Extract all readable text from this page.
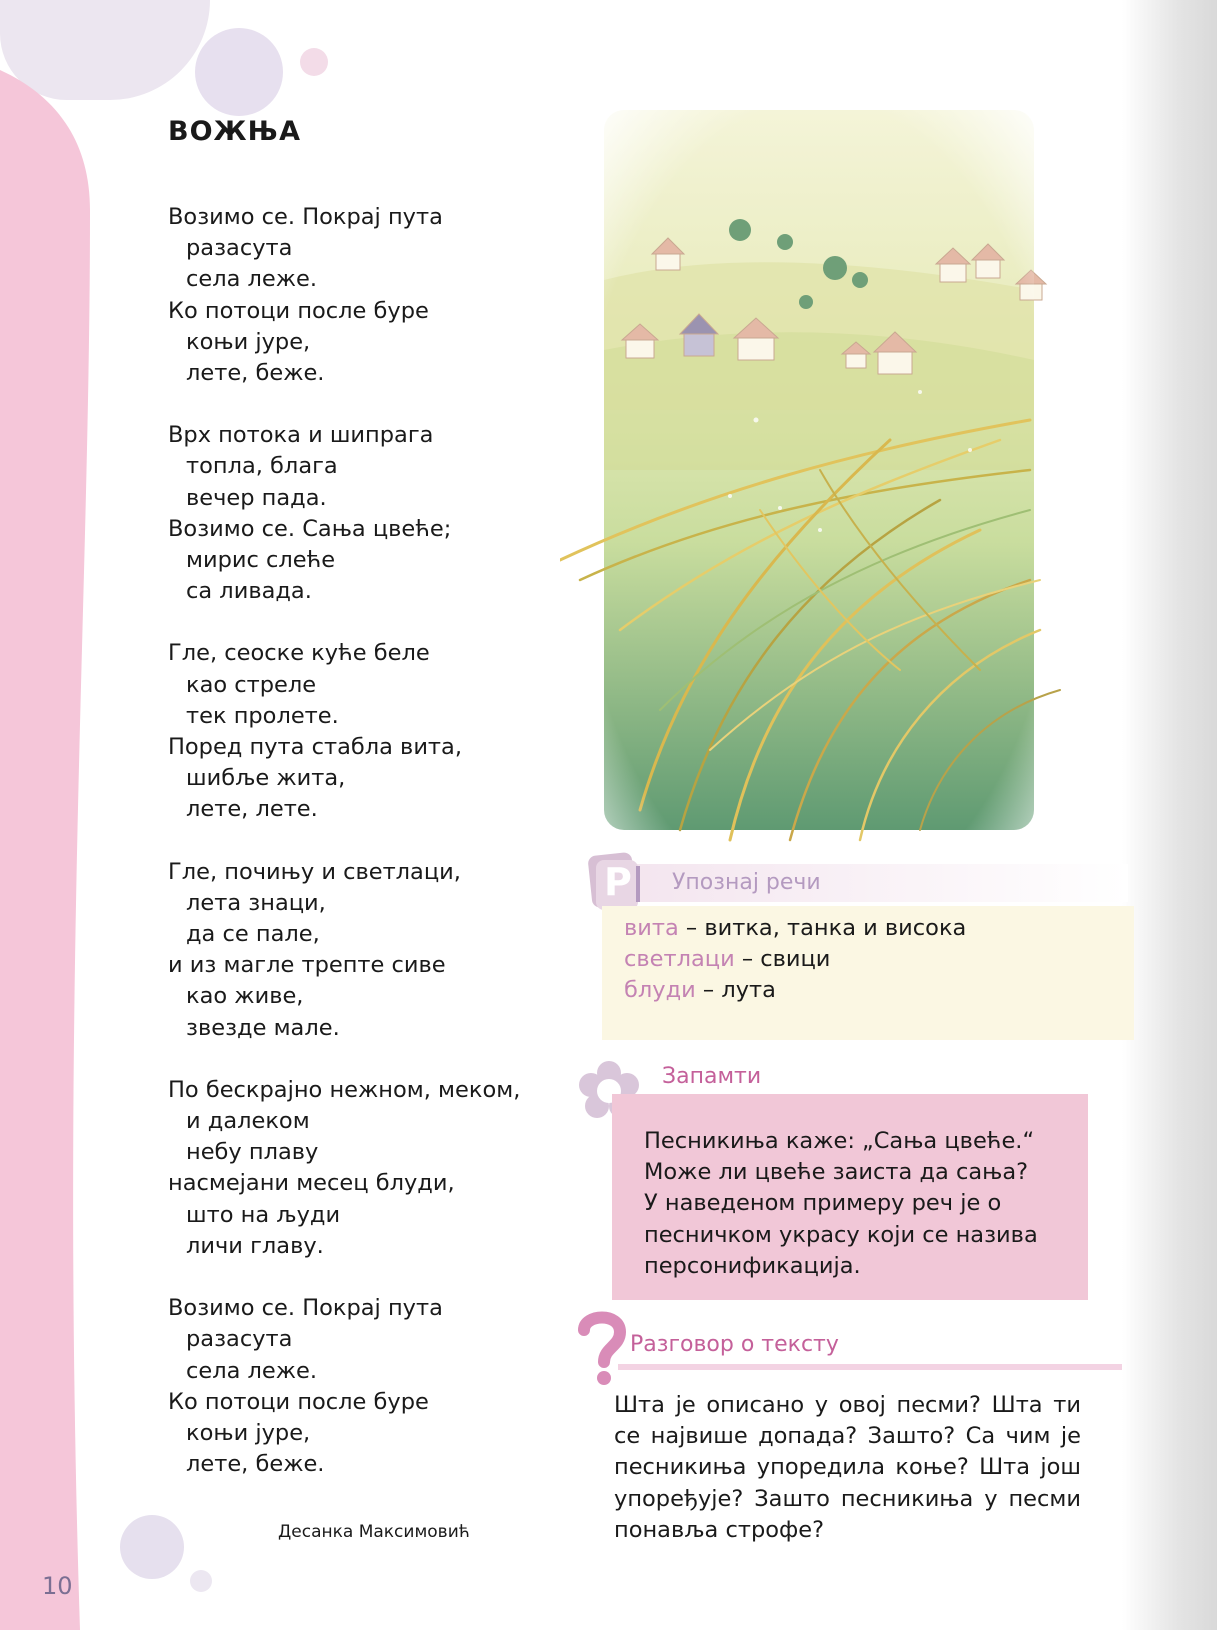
ВОЖЊА
Возимо се. Покрај пута
разасута
села леже.
Ко потоци после буре
коњи јуре,
лете, беже.
Врх потока и шипрага
топла, блага
вечер пада.
Возимо се. Сања цвеће;
мирис слеће
са ливада.
Гле, сеоске куће беле
као стреле
тек пролете.
Поред пута стабла вита,
шибље жита,
лете, лете.
Гле, почињу и светлаци,
лета знаци,
да се пале,
и из магле трепте сиве
као живе,
звезде мале.
По бескрајно нежном, меком,
и далеком
небу плаву
насмејани месец блуди,
што на људи
личи главу.
Возимо се. Покрај пута
разасута
села леже.
Ко потоци после буре
коњи јуре,
лете, беже.
Десанка Максимовић
10
Р Упознај речи
вита – витка, танка и висока
светлаци – свици
блуди – лута
Запамти
Песникиња каже: „Сања цвеће.“
Може ли цвеће заиста да сања?
У наведеном примеру реч је о
песничком украсу који се назива
персонификација.
Разговор о тексту
Шта је описано у овој песми? Шта ти
се највише допада? Зашто? Са чим је
песникиња упоредила коње? Шта још
упоређује? Зашто песникиња у песми
понавља строфе?
